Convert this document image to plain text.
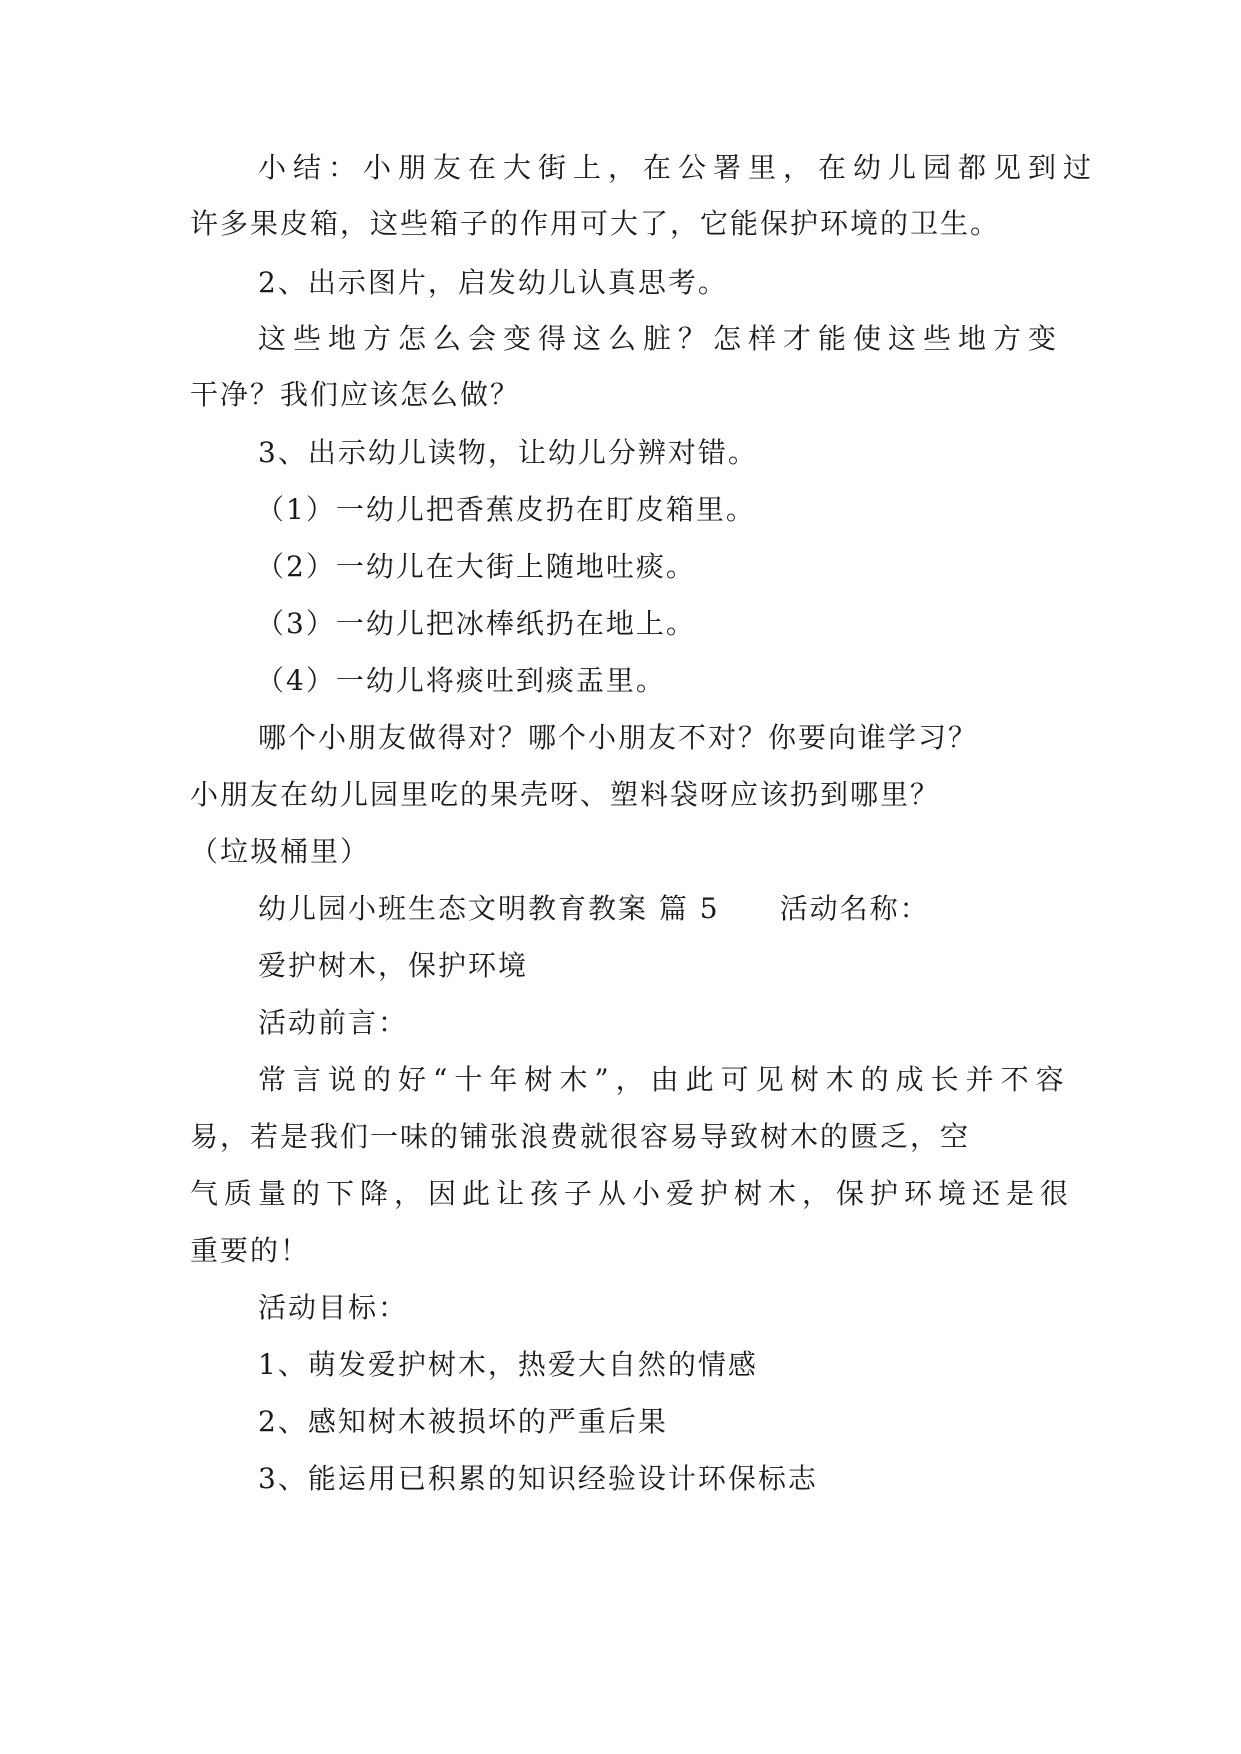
小结：小朋友在大街上，在公署里，在幼儿园都见到过
许多果皮箱，这些箱子的作用可大了，它能保护环境的卫生。
2、出示图片，启发幼儿认真思考。
这些地方怎么会变得这么脏？怎样才能使这些地方变
干净？我们应该怎么做？
3、出示幼儿读物，让幼儿分辨对错。
（1）一幼儿把香蕉皮扔在盯皮箱里。
（2）一幼儿在大街上随地吐痰。
（3）一幼儿把冰棒纸扔在地上。
（4）一幼儿将痰吐到痰盂里。
哪个小朋友做得对？哪个小朋友不对？你要向谁学习？
小朋友在幼儿园里吃的果壳呀、塑料袋呀应该扔到哪里？
（垃圾桶里）
幼儿园小班生态文明教育教案 篇 5 活动名称：
爱护树木，保护环境
活动前言：
常言说的好“十年树木”，由此可见树木的成长并不容
易，若是我们一味的铺张浪费就很容易导致树木的匮乏，空
气质量的下降，因此让孩子从小爱护树木，保护环境还是很
重要的！
活动目标：
1、萌发爱护树木，热爱大自然的情感
2、感知树木被损坏的严重后果
3、能运用已积累的知识经验设计环保标志
